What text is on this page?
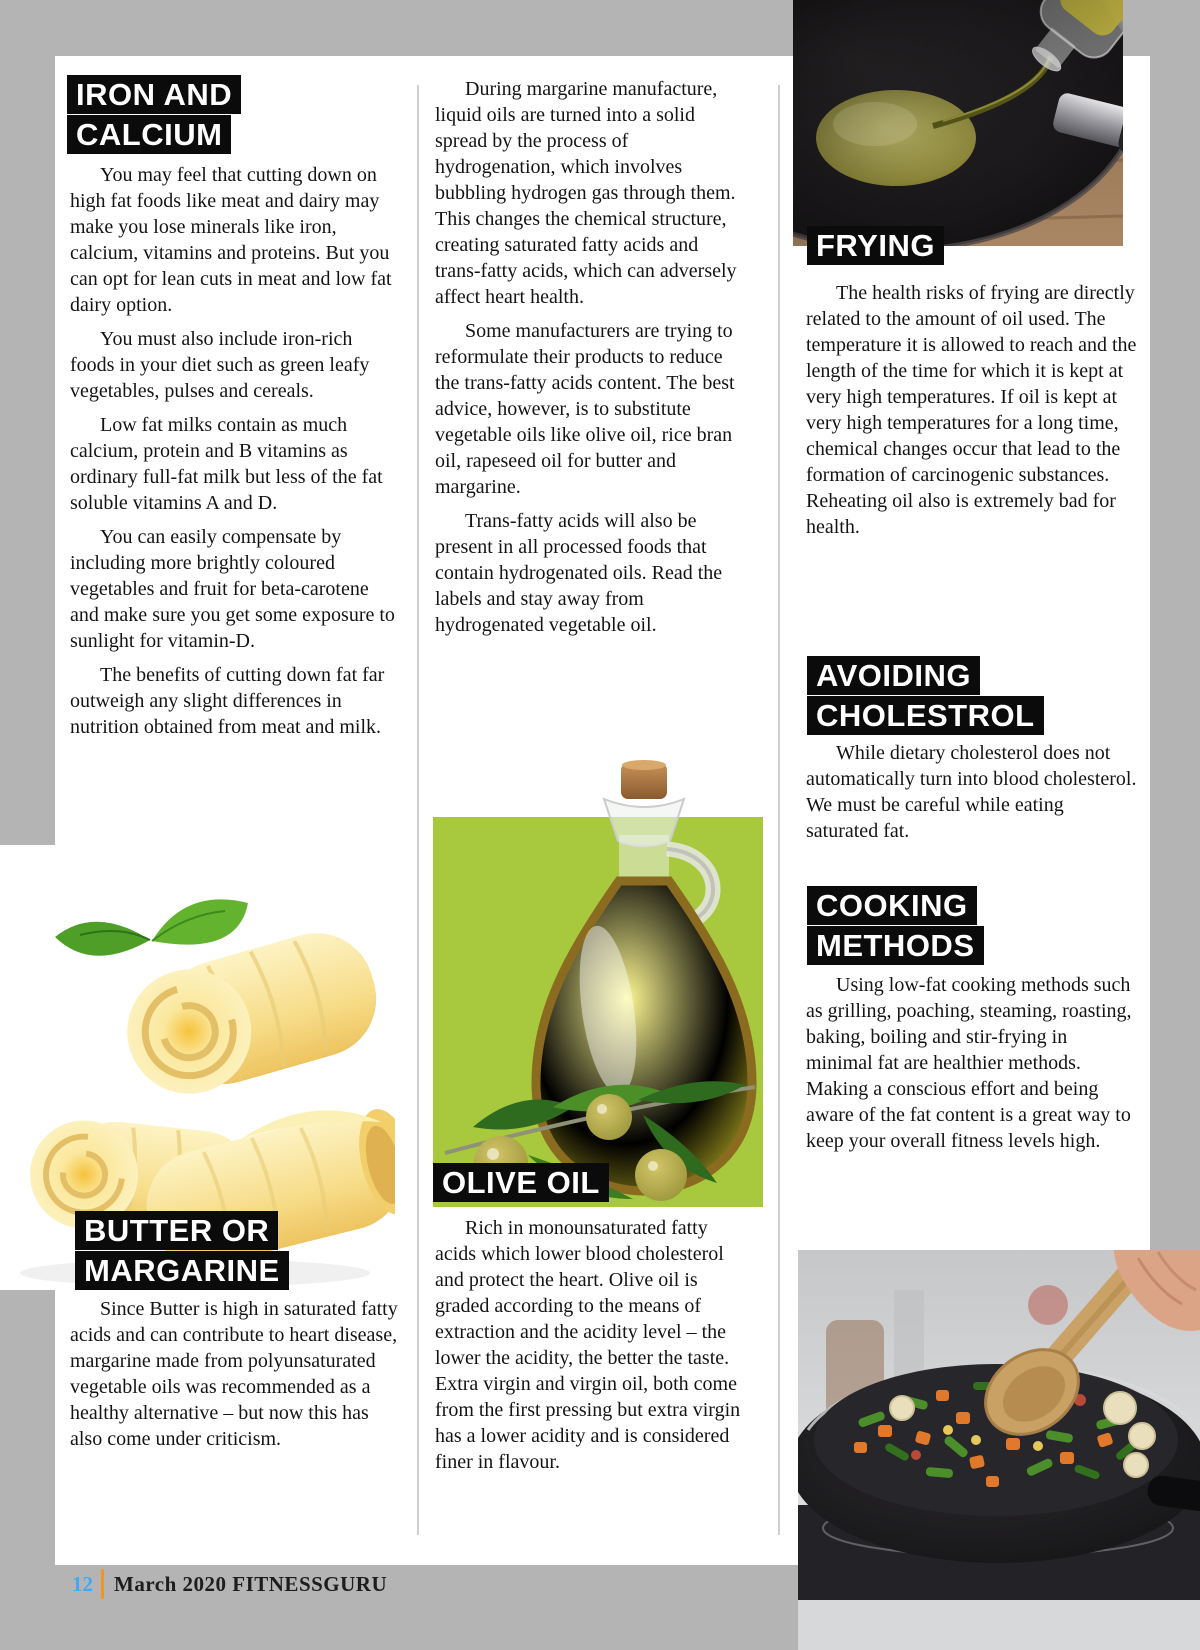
IRON AND
CALCIUM

You may feel that cutting down on high fat foods like meat and dairy may make you lose minerals like iron, calcium, vitamins and proteins. But you can opt for lean cuts in meat and low fat dairy option.

You must also include iron-rich foods in your diet such as green leafy vegetables, pulses and cereals.

Low fat milks contain as much calcium, protein and B vitamins as ordinary full-fat milk but less of the fat soluble vitamins A and D.

You can easily compensate by including more brightly coloured vegetables and fruit for beta-carotene and make sure you get some exposure to sunlight for vitamin-D.

The benefits of cutting down fat far outweigh any slight differences in nutrition obtained from meat and milk.

BUTTER OR
MARGARINE

Since Butter is high in saturated fatty acids and can contribute to heart disease, margarine made from polyunsaturated vegetable oils was recommended as a healthy alternative – but now this has also come under criticism.

During margarine manufacture, liquid oils are turned into a solid spread by the process of hydrogenation, which involves bubbling hydrogen gas through them. This changes the chemical structure, creating saturated fatty acids and trans-fatty acids, which can adversely affect heart health.

Some manufacturers are trying to reformulate their products to reduce the trans-fatty acids content. The best advice, however, is to substitute vegetable oils like olive oil, rice bran oil, rapeseed oil for butter and margarine.

Trans-fatty acids will also be present in all processed foods that contain hydrogenated oils. Read the labels and stay away from hydrogenated vegetable oil.

OLIVE OIL

Rich in monounsaturated fatty acids which lower blood cholesterol and protect the heart. Olive oil is graded according to the means of extraction and the acidity level – the lower the acidity, the better the taste. Extra virgin and virgin oil, both come from the first pressing but extra virgin has a lower acidity and is considered finer in flavour.

FRYING

The health risks of frying are directly related to the amount of oil used. The temperature it is allowed to reach and the length of the time for which it is kept at very high temperatures. If oil is kept at very high temperatures for a long time, chemical changes occur that lead to the formation of carcinogenic substances. Reheating oil also is extremely bad for health.

AVOIDING
CHOLESTROL

While dietary cholesterol does not automatically turn into blood cholesterol. We must be careful while eating saturated fat.

COOKING
METHODS

Using low-fat cooking methods such as grilling, poaching, steaming, roasting, baking, boiling and stir-frying in minimal fat are healthier methods. Making a conscious effort and being aware of the fat content is a great way to keep your overall fitness levels high.

12 March 2020 FITNESSGURU
